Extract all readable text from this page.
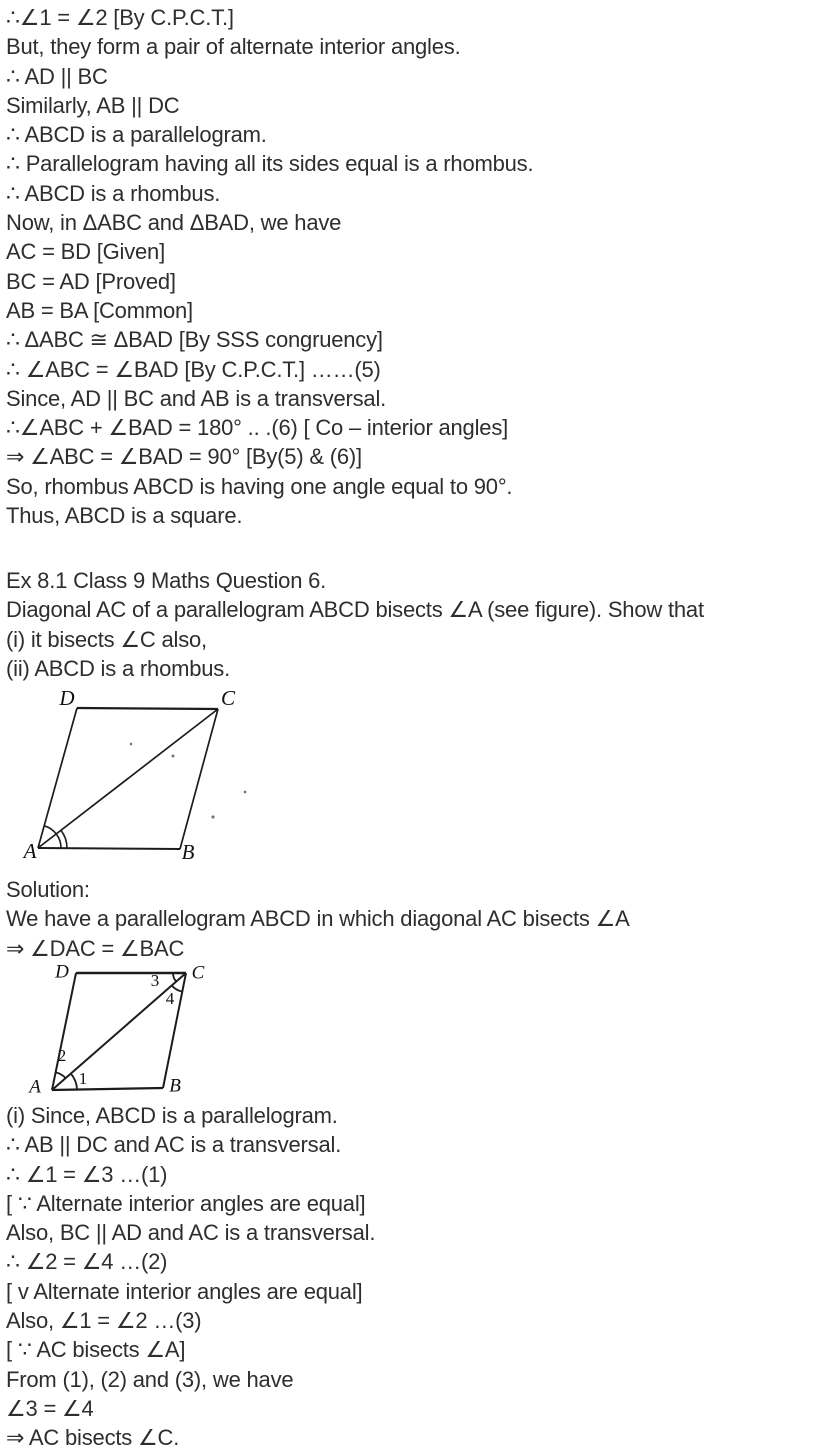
∴∠1 = ∠2 [By C.P.C.T.]
But, they form a pair of alternate interior angles.
∴ AD || BC
Similarly, AB || DC
∴ ABCD is a parallelogram.
∴ Parallelogram having all its sides equal is a rhombus.
∴ ABCD is a rhombus.
Now, in ΔABC and ΔBAD, we have
AC = BD [Given]
BC = AD [Proved]
AB = BA [Common]
∴ ΔABC ≅ ΔBAD [By SSS congruency]
∴ ∠ABC = ∠BAD [By C.P.C.T.] ……(5)
Since, AD || BC and AB is a transversal.
∴∠ABC + ∠BAD = 180° .. .(6) [ Co – interior angles]
⇒ ∠ABC = ∠BAD = 90° [By(5) & (6)]
So, rhombus ABCD is having one angle equal to 90°.
Thus, ABCD is a square.
Ex 8.1 Class 9 Maths Question 6.
Diagonal AC of a parallelogram ABCD bisects ∠A (see figure). Show that
(i) it bisects ∠C also,
(ii) ABCD is a rhombus.
D	C
A	B
Solution:
We have a parallelogram ABCD in which diagonal AC bisects ∠A
⇒ ∠DAC = ∠BAC
D	C
A	B
3
4
2
1
(i) Since, ABCD is a parallelogram.
∴ AB || DC and AC is a transversal.
∴ ∠1 = ∠3 …(1)
[ ∵ Alternate interior angles are equal]
Also, BC || AD and AC is a transversal.
∴ ∠2 = ∠4 …(2)
[ v Alternate interior angles are equal]
Also, ∠1 = ∠2 …(3)
[ ∵ AC bisects ∠A]
From (1), (2) and (3), we have
∠3 = ∠4
⇒ AC bisects ∠C.
